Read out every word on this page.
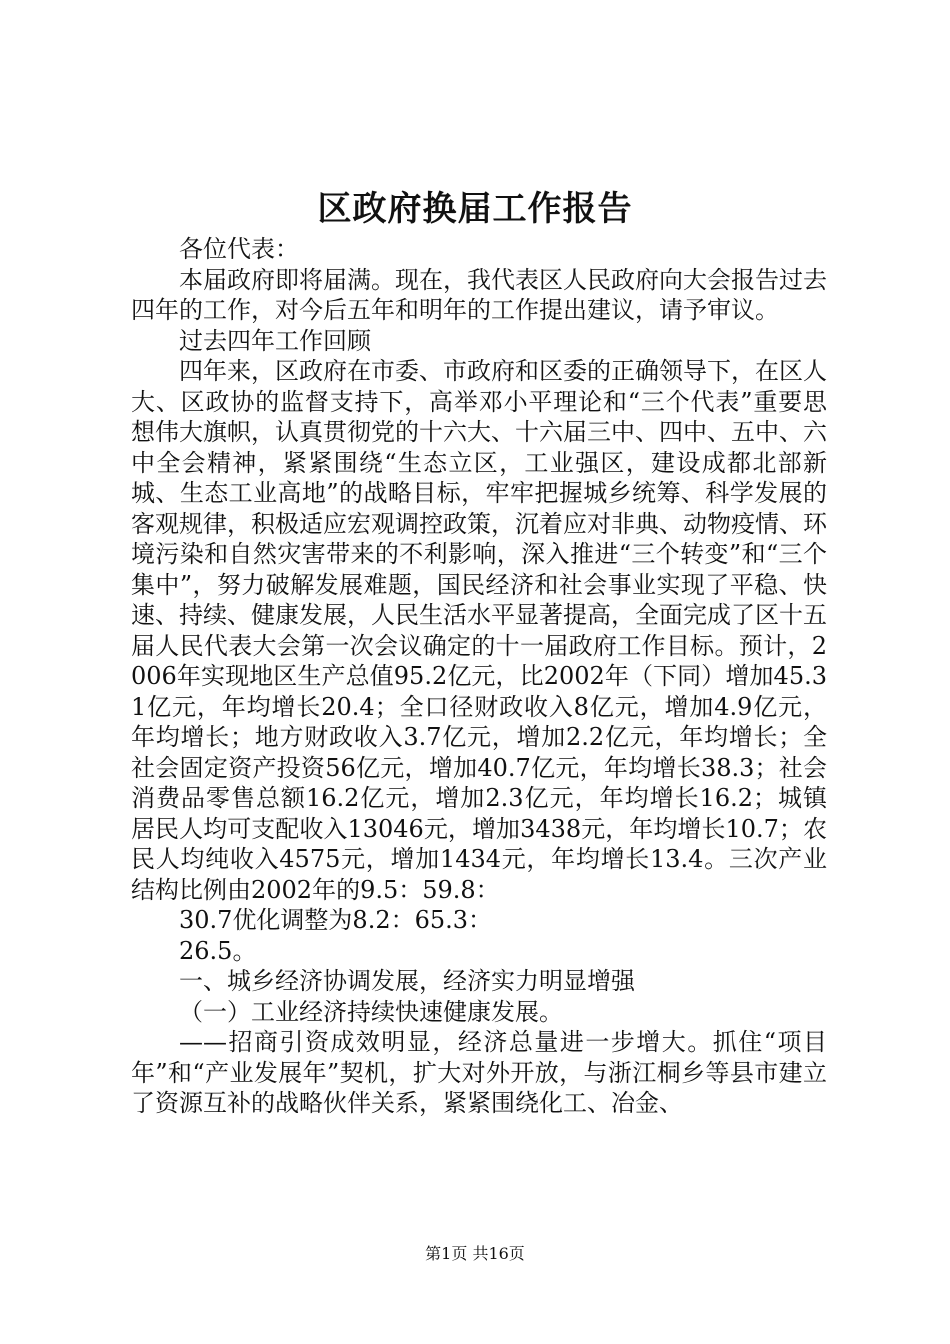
区政府换届工作报告

各位代表：

本届政府即将届满。现在，我代表区人民政府向大会报告过去四年的工作，对今后五年和明年的工作提出建议，请予审议。

过去四年工作回顾

四年来，区政府在市委、市政府和区委的正确领导下，在区人大、区政协的监督支持下，高举邓小平理论和“三个代表”重要思想伟大旗帜，认真贯彻党的十六大、十六届三中、四中、五中、六中全会精神，紧紧围绕“生态立区，工业强区，建设成都北部新城、生态工业高地”的战略目标，牢牢把握城乡统筹、科学发展的客观规律，积极适应宏观调控政策，沉着应对非典、动物疫情、环境污染和自然灾害带来的不利影响，深入推进“三个转变”和“三个集中”，努力破解发展难题，国民经济和社会事业实现了平稳、快速、持续、健康发展，人民生活水平显著提高，全面完成了区十五届人民代表大会第一次会议确定的十一届政府工作目标。预计，2006年实现地区生产总值95.2亿元，比2002年（下同）增加45.31亿元，年均增长20.4；全口径财政收入8亿元，增加4.9亿元，年均增长；地方财政收入3.7亿元，增加2.2亿元，年均增长；全社会固定资产投资56亿元，增加40.7亿元，年均增长38.3；社会消费品零售总额16.2亿元，增加2.3亿元，年均增长16.2；城镇居民人均可支配收入13046元，增加3438元，年均增长10.7；农民人均纯收入4575元，增加1434元，年均增长13.4。三次产业结构比例由2002年的9.5：59.8：

30.7优化调整为8.2：65.3：

26.5。

一、城乡经济协调发展，经济实力明显增强

（一）工业经济持续快速健康发展。

——招商引资成效明显，经济总量进一步增大。抓住“项目年”和“产业发展年”契机，扩大对外开放，与浙江桐乡等县市建立了资源互补的战略伙伴关系，紧紧围绕化工、冶金、

第1页 共16页
